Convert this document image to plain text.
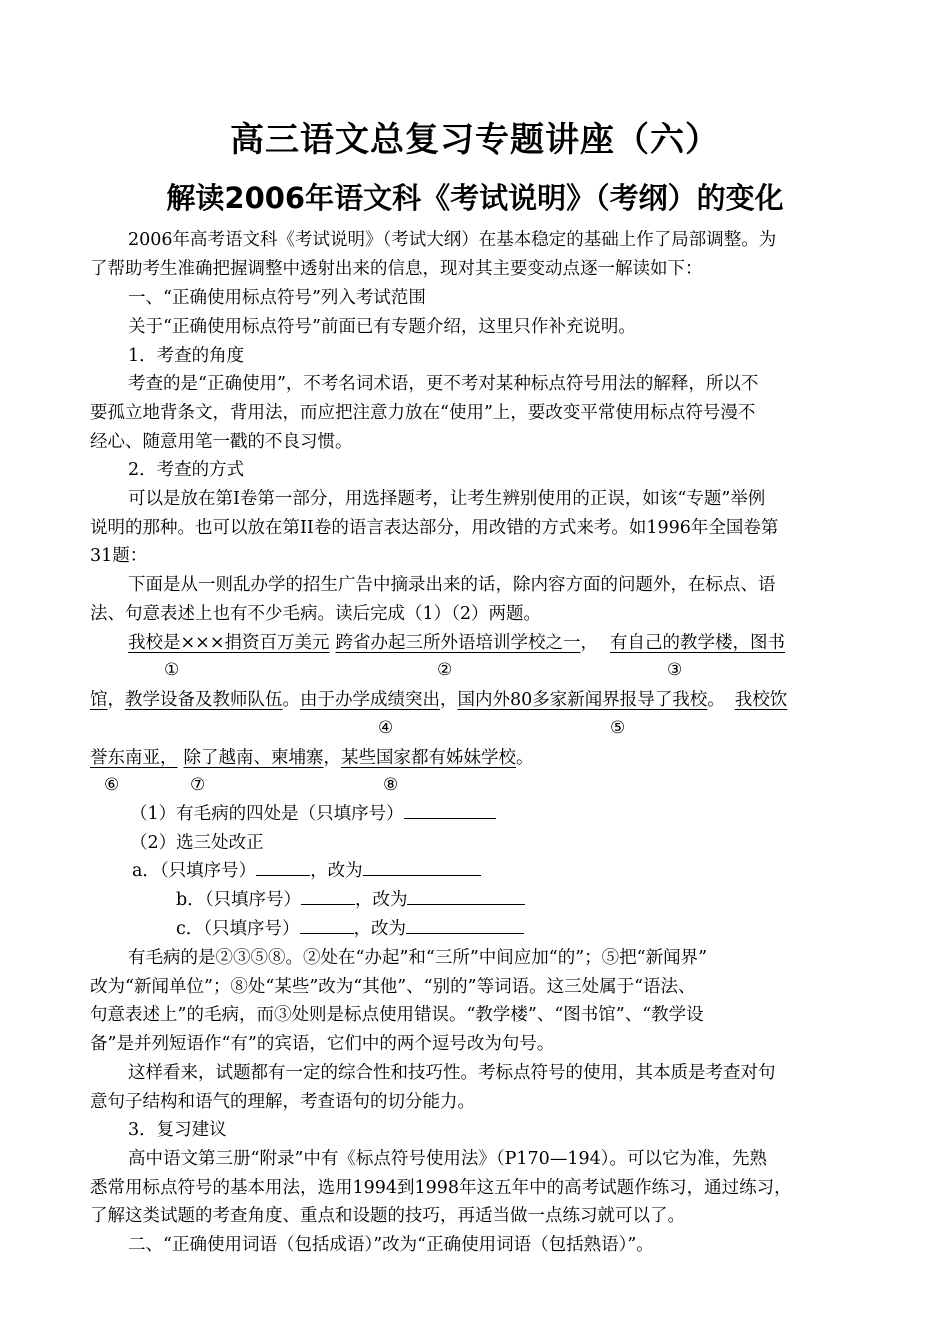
高三语文总复习专题讲座（六）
解读2006年语文科《考试说明》（考纲）的变化
2006年高考语文科《考试说明》（考试大纲）在基本稳定的基础上作了局部调整。为
了帮助考生准确把握调整中透射出来的信息，现对其主要变动点逐一解读如下：
一、“正确使用标点符号”列入考试范围
关于“正确使用标点符号”前面已有专题介绍，这里只作补充说明。
1．考查的角度
考查的是“正确使用”，不考名词术语，更不考对某种标点符号用法的解释，所以不
要孤立地背条文，背用法，而应把注意力放在“使用”上，要改变平常使用标点符号漫不
经心、随意用笔一戳的不良习惯。
2．考查的方式
可以是放在第I卷第一部分，用选择题考，让考生辨别使用的正误，如该“专题”举例
说明的那种。也可以放在第II卷的语言表达部分，用改错的方式来考。如1996年全国卷第
31题：
下面是从一则乱办学的招生广告中摘录出来的话，除内容方面的问题外，在标点、语
法、句意表述上也有不少毛病。读后完成（1）（2）两题。
我校是×××捐资百万美元 跨省办起三所外语培训学校之一， 有自己的教学楼，图书
①	②	③
馆，教学设备及教师队伍。由于办学成绩突出，国内外80多家新闻界报导了我校。 我校饮
④	⑤
誉东南亚， 除了越南、柬埔寨，某些国家都有姊妹学校。
⑥	⑦	⑧
（1）有毛病的四处是（只填序号）
（2）选三处改正
a．（只填序号）	，改为
b．（只填序号）	，改为
c．（只填序号）	，改为
有毛病的是②③⑤⑧。②处在“办起”和“三所”中间应加“的”；⑤把“新闻界”
改为“新闻单位”；⑧处“某些”改为“其他”、“别的”等词语。这三处属于“语法、
句意表述上”的毛病，而③处则是标点使用错误。“教学楼”、“图书馆”、“教学设
备”是并列短语作“有”的宾语，它们中的两个逗号改为句号。
这样看来，试题都有一定的综合性和技巧性。考标点符号的使用，其本质是考查对句
意句子结构和语气的理解，考查语句的切分能力。
3．复习建议
高中语文第三册“附录”中有《标点符号使用法》（P170—194）。可以它为准，先熟
悉常用标点符号的基本用法，选用1994到1998年这五年中的高考试题作练习，通过练习，
了解这类试题的考查角度、重点和设题的技巧，再适当做一点练习就可以了。
二、“正确使用词语（包括成语）”改为“正确使用词语（包括熟语）”。
